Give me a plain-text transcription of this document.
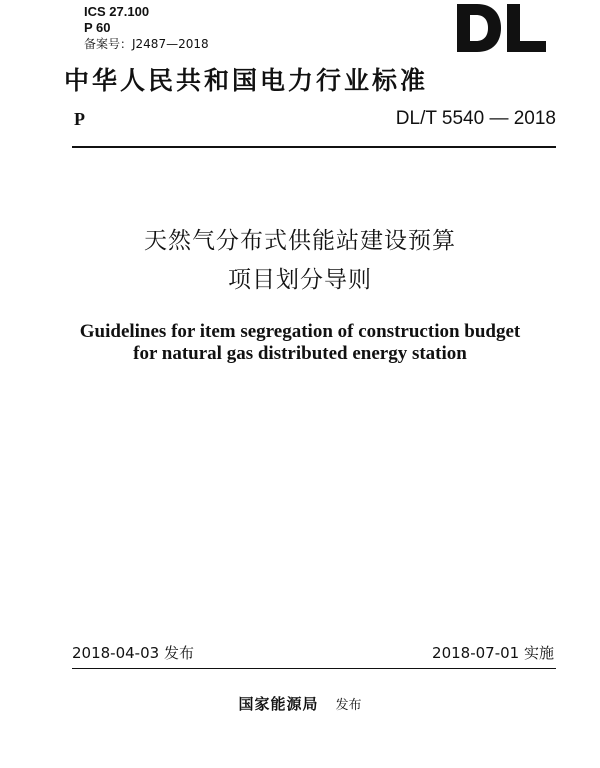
ICS 27.100
P 60
备案号：J2487—2018
中华人民共和国电力行业标准
P	DL/T 5540 — 2018
天然气分布式供能站建设预算
项目划分导则
Guidelines for item segregation of construction budget
for natural gas distributed energy station
2018-04-03 发布	2018-07-01 实施
国家能源局 发布
